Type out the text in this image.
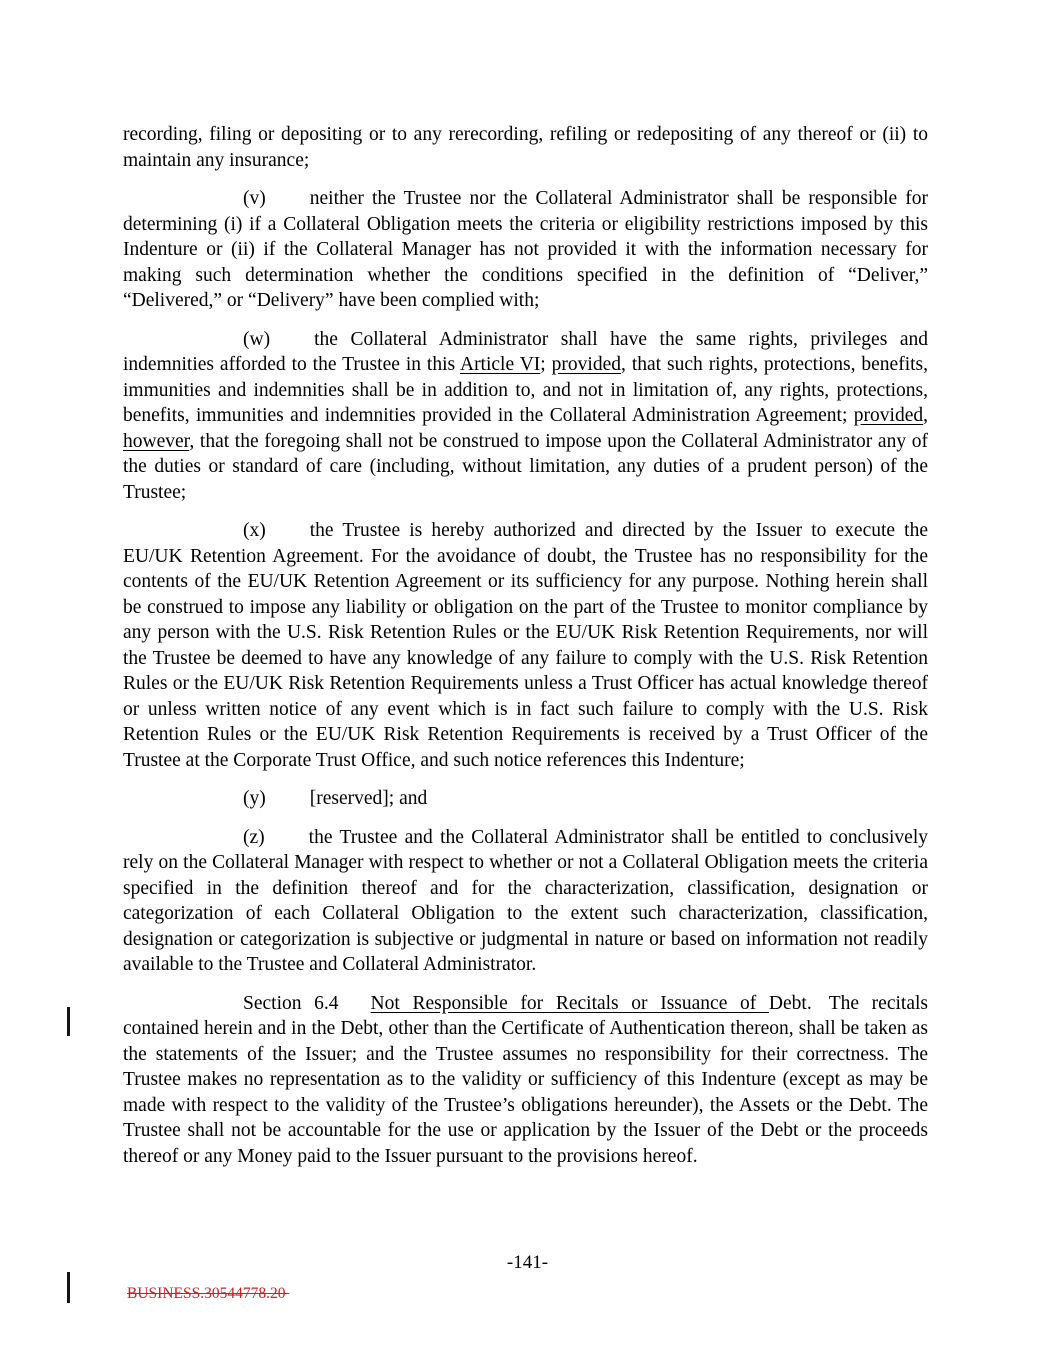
recording, filing or depositing or to any rerecording, refiling or redepositing of any thereof or (ii) to maintain any insurance;

(v) neither the Trustee nor the Collateral Administrator shall be responsible for determining (i) if a Collateral Obligation meets the criteria or eligibility restrictions imposed by this Indenture or (ii) if the Collateral Manager has not provided it with the information necessary for making such determination whether the conditions specified in the definition of “Deliver,” “Delivered,” or “Delivery” have been complied with;

(w) the Collateral Administrator shall have the same rights, privileges and indemnities afforded to the Trustee in this Article VI; provided, that such rights, protections, benefits, immunities and indemnities shall be in addition to, and not in limitation of, any rights, protections, benefits, immunities and indemnities provided in the Collateral Administration Agreement; provided, however, that the foregoing shall not be construed to impose upon the Collateral Administrator any of the duties or standard of care (including, without limitation, any duties of a prudent person) of the Trustee;

(x) the Trustee is hereby authorized and directed by the Issuer to execute the EU/UK Retention Agreement. For the avoidance of doubt, the Trustee has no responsibility for the contents of the EU/UK Retention Agreement or its sufficiency for any purpose. Nothing herein shall be construed to impose any liability or obligation on the part of the Trustee to monitor compliance by any person with the U.S. Risk Retention Rules or the EU/UK Risk Retention Requirements, nor will the Trustee be deemed to have any knowledge of any failure to comply with the U.S. Risk Retention Rules or the EU/UK Risk Retention Requirements unless a Trust Officer has actual knowledge thereof or unless written notice of any event which is in fact such failure to comply with the U.S. Risk Retention Rules or the EU/UK Risk Retention Requirements is received by a Trust Officer of the Trustee at the Corporate Trust Office, and such notice references this Indenture;

(y) [reserved]; and

(z) the Trustee and the Collateral Administrator shall be entitled to conclusively rely on the Collateral Manager with respect to whether or not a Collateral Obligation meets the criteria specified in the definition thereof and for the characterization, classification, designation or categorization of each Collateral Obligation to the extent such characterization, classification, designation or categorization is subjective or judgmental in nature or based on information not readily available to the Trustee and Collateral Administrator.

Section 6.4 Not Responsible for Recitals or Issuance of Debt. The recitals contained herein and in the Debt, other than the Certificate of Authentication thereon, shall be taken as the statements of the Issuer; and the Trustee assumes no responsibility for their correctness. The Trustee makes no representation as to the validity or sufficiency of this Indenture (except as may be made with respect to the validity of the Trustee’s obligations hereunder), the Assets or the Debt. The Trustee shall not be accountable for the use or application by the Issuer of the Debt or the proceeds thereof or any Money paid to the Issuer pursuant to the provisions hereof.

-141-
BUSINESS.30544778.20
